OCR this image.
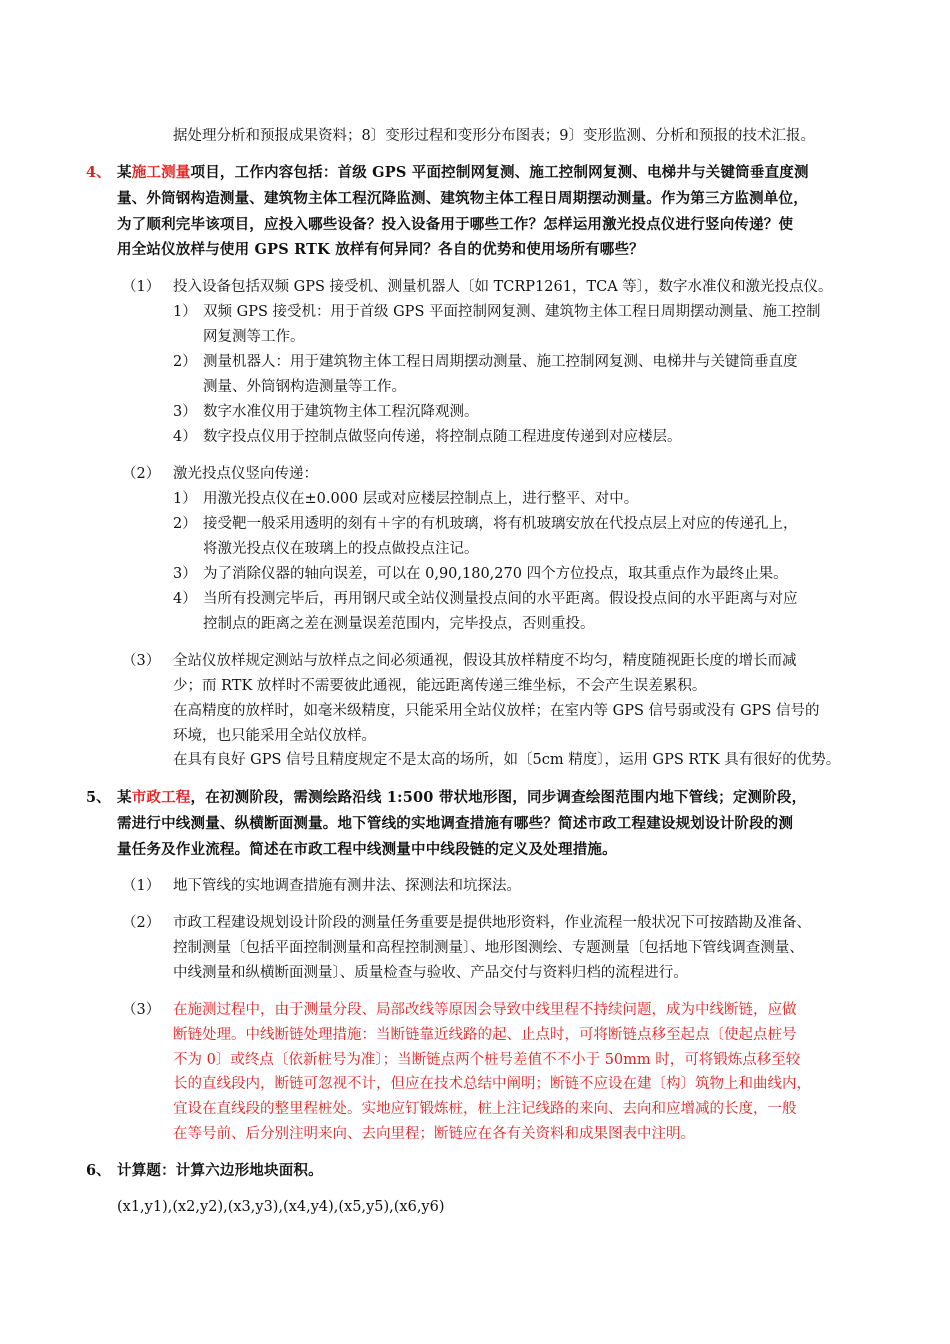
据处理分析和预报成果资料；8〕变形过程和变形分布图表；9〕变形监测、分析和预报的技术汇报。
4、 某施工测量项目，工作内容包括：首级 GPS 平面控制网复测、施工控制网复测、电梯井与关键筒垂直度测
量、外筒钢构造测量、建筑物主体工程沉降监测、建筑物主体工程日周期摆动测量。作为第三方监测单位，
为了顺利完毕该项目，应投入哪些设备？投入设备用于哪些工作？怎样运用激光投点仪进行竖向传递？使
用全站仪放样与使用 GPS RTK 放样有何异同？各自的优势和使用场所有哪些？
（1） 投入设备包括双频 GPS 接受机、测量机器人〔如 TCRP1261，TCA 等〕，数字水准仪和激光投点仪。
1） 双频 GPS 接受机：用于首级 GPS 平面控制网复测、建筑物主体工程日周期摆动测量、施工控制
网复测等工作。
2） 测量机器人：用于建筑物主体工程日周期摆动测量、施工控制网复测、电梯井与关键筒垂直度
测量、外筒钢构造测量等工作。
3） 数字水准仪用于建筑物主体工程沉降观测。
4） 数字投点仪用于控制点做竖向传递，将控制点随工程进度传递到对应楼层。
（2） 激光投点仪竖向传递：
1） 用激光投点仪在±0.000 层或对应楼层控制点上，进行整平、对中。
2） 接受靶一般采用透明的刻有＋字的有机玻璃，将有机玻璃安放在代投点层上对应的传递孔上，
将激光投点仪在玻璃上的投点做投点注记。
3） 为了消除仪器的轴向误差，可以在 0,90,180,270 四个方位投点，取其重点作为最终止果。
4） 当所有投测完毕后，再用钢尺或全站仪测量投点间的水平距离。假设投点间的水平距离与对应
控制点的距离之差在测量误差范围内，完毕投点，否则重投。
（3） 全站仪放样规定测站与放样点之间必须通视，假设其放样精度不均匀，精度随视距长度的增长而减
少；而 RTK 放样时不需要彼此通视，能远距离传递三维坐标，不会产生误差累积。
在高精度的放样时，如毫米级精度，只能采用全站仪放样；在室内等 GPS 信号弱或没有 GPS 信号的
环境，也只能采用全站仪放样。
在具有良好 GPS 信号且精度规定不是太高的场所，如〔5cm 精度〕，运用 GPS RTK 具有很好的优势。
5、 某市政工程，在初测阶段，需测绘路沿线 1:500 带状地形图，同步调查绘图范围内地下管线；定测阶段，
需进行中线测量、纵横断面测量。地下管线的实地调查措施有哪些？简述市政工程建设规划设计阶段的测
量任务及作业流程。简述在市政工程中线测量中中线段链的定义及处理措施。
（1） 地下管线的实地调查措施有测井法、探测法和坑探法。
（2） 市政工程建设规划设计阶段的测量任务重要是提供地形资料，作业流程一般状况下可按踏勘及准备、
控制测量〔包括平面控制测量和高程控制测量〕、地形图测绘、专题测量〔包括地下管线调查测量、
中线测量和纵横断面测量〕、质量检查与验收、产品交付与资料归档的流程进行。
（3） 在施测过程中，由于测量分段、局部改线等原因会导致中线里程不持续问题，成为中线断链，应做
断链处理。中线断链处理措施：当断链靠近线路的起、止点时，可将断链点移至起点〔使起点桩号
不为 0〕或终点〔依新桩号为准〕；当断链点两个桩号差值不不小于 50mm 时，可将锻炼点移至较
长的直线段内，断链可忽视不计，但应在技术总结中阐明；断链不应设在建〔构〕筑物上和曲线内，
宜设在直线段的整里程桩处。实地应钉锻炼桩，桩上注记线路的来向、去向和应增减的长度，一般
在等号前、后分别注明来向、去向里程；断链应在各有关资料和成果图表中注明。
6、 计算题：计算六边形地块面积。
(x1,y1),(x2,y2),(x3,y3),(x4,y4),(x5,y5),(x6,y6)
